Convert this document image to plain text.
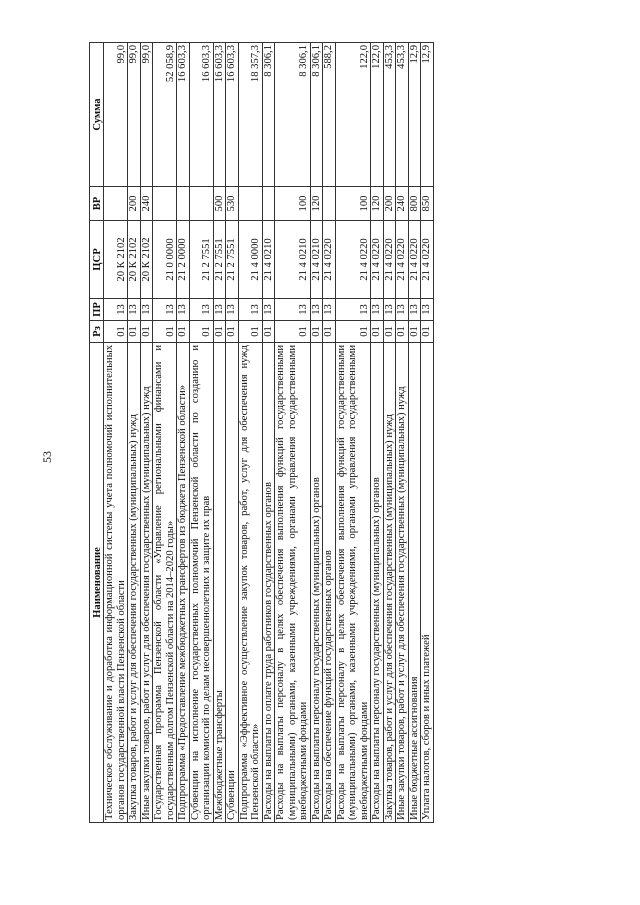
53
Наименование	Рз	ПР	ЦСР	ВР	Сумма
Техническое обслуживание и доработка информационной системы учета полномочий исполнительных органов государственной власти Пензенской области	01	13	20 К 2102		99,0
Закупка товаров, работ и услуг для обеспечения государственных (муниципальных) нужд	01	13	20 К 2102	200	99,0
Иные закупки товаров, работ и услуг для обеспечения государственных (муниципальных) нужд	01	13	20 К 2102	240	99,0
Государственная программа Пензенской области «Управление региональными финансами и государственным долгом Пензенской области на 2014–2020 годы»	01	13	21 0 0000		52 058,9
Подпрограмма «Предоставление межбюджетных трансфертов из бюджета Пензенской области»	01	13	21 2 0000		16 603,3
Субвенции на исполнение государственных полномочий Пензенской области по созданию и организации комиссий по делам несовершеннолетних и защите их прав	01	13	21 2 7551		16 603,3
Межбюджетные трансферты	01	13	21 2 7551	500	16 603,3
Субвенции	01	13	21 2 7551	530	16 603,3
Подпрограмма «Эффективное осуществление закупок товаров, работ, услуг для обеспечения нужд Пензенской области»	01	13	21 4 0000		18 357,3
Расходы на выплаты по оплате труда работников государственных органов	01	13	21 4 0210		8 306,1
Расходы на выплаты персоналу в целях обеспечения выполнения функций государственными (муниципальными) органами, казенными учреждениями, органами управления государственными внебюджетными фондами	01	13	21 4 0210	100	8 306,1
Расходы на выплаты персоналу государственных (муниципальных) органов	01	13	21 4 0210	120	8 306,1
Расходы на обеспечение функций государственных органов	01	13	21 4 0220		588,2
Расходы на выплаты персоналу в целях обеспечения выполнения функций государственными (муниципальными) органами, казенными учреждениями, органами управления государственными внебюджетными фондами	01	13	21 4 0220	100	122,0
Расходы на выплаты персоналу государственных (муниципальных) органов	01	13	21 4 0220	120	122,0
Закупка товаров, работ и услуг для обеспечения государственных (муниципальных) нужд	01	13	21 4 0220	200	453,3
Иные закупки товаров, работ и услуг для обеспечения государственных (муниципальных) нужд	01	13	21 4 0220	240	453,3
Иные бюджетные ассигнования	01	13	21 4 0220	800	12,9
Уплата налогов, сборов и иных платежей	01	13	21 4 0220	850	12,9
